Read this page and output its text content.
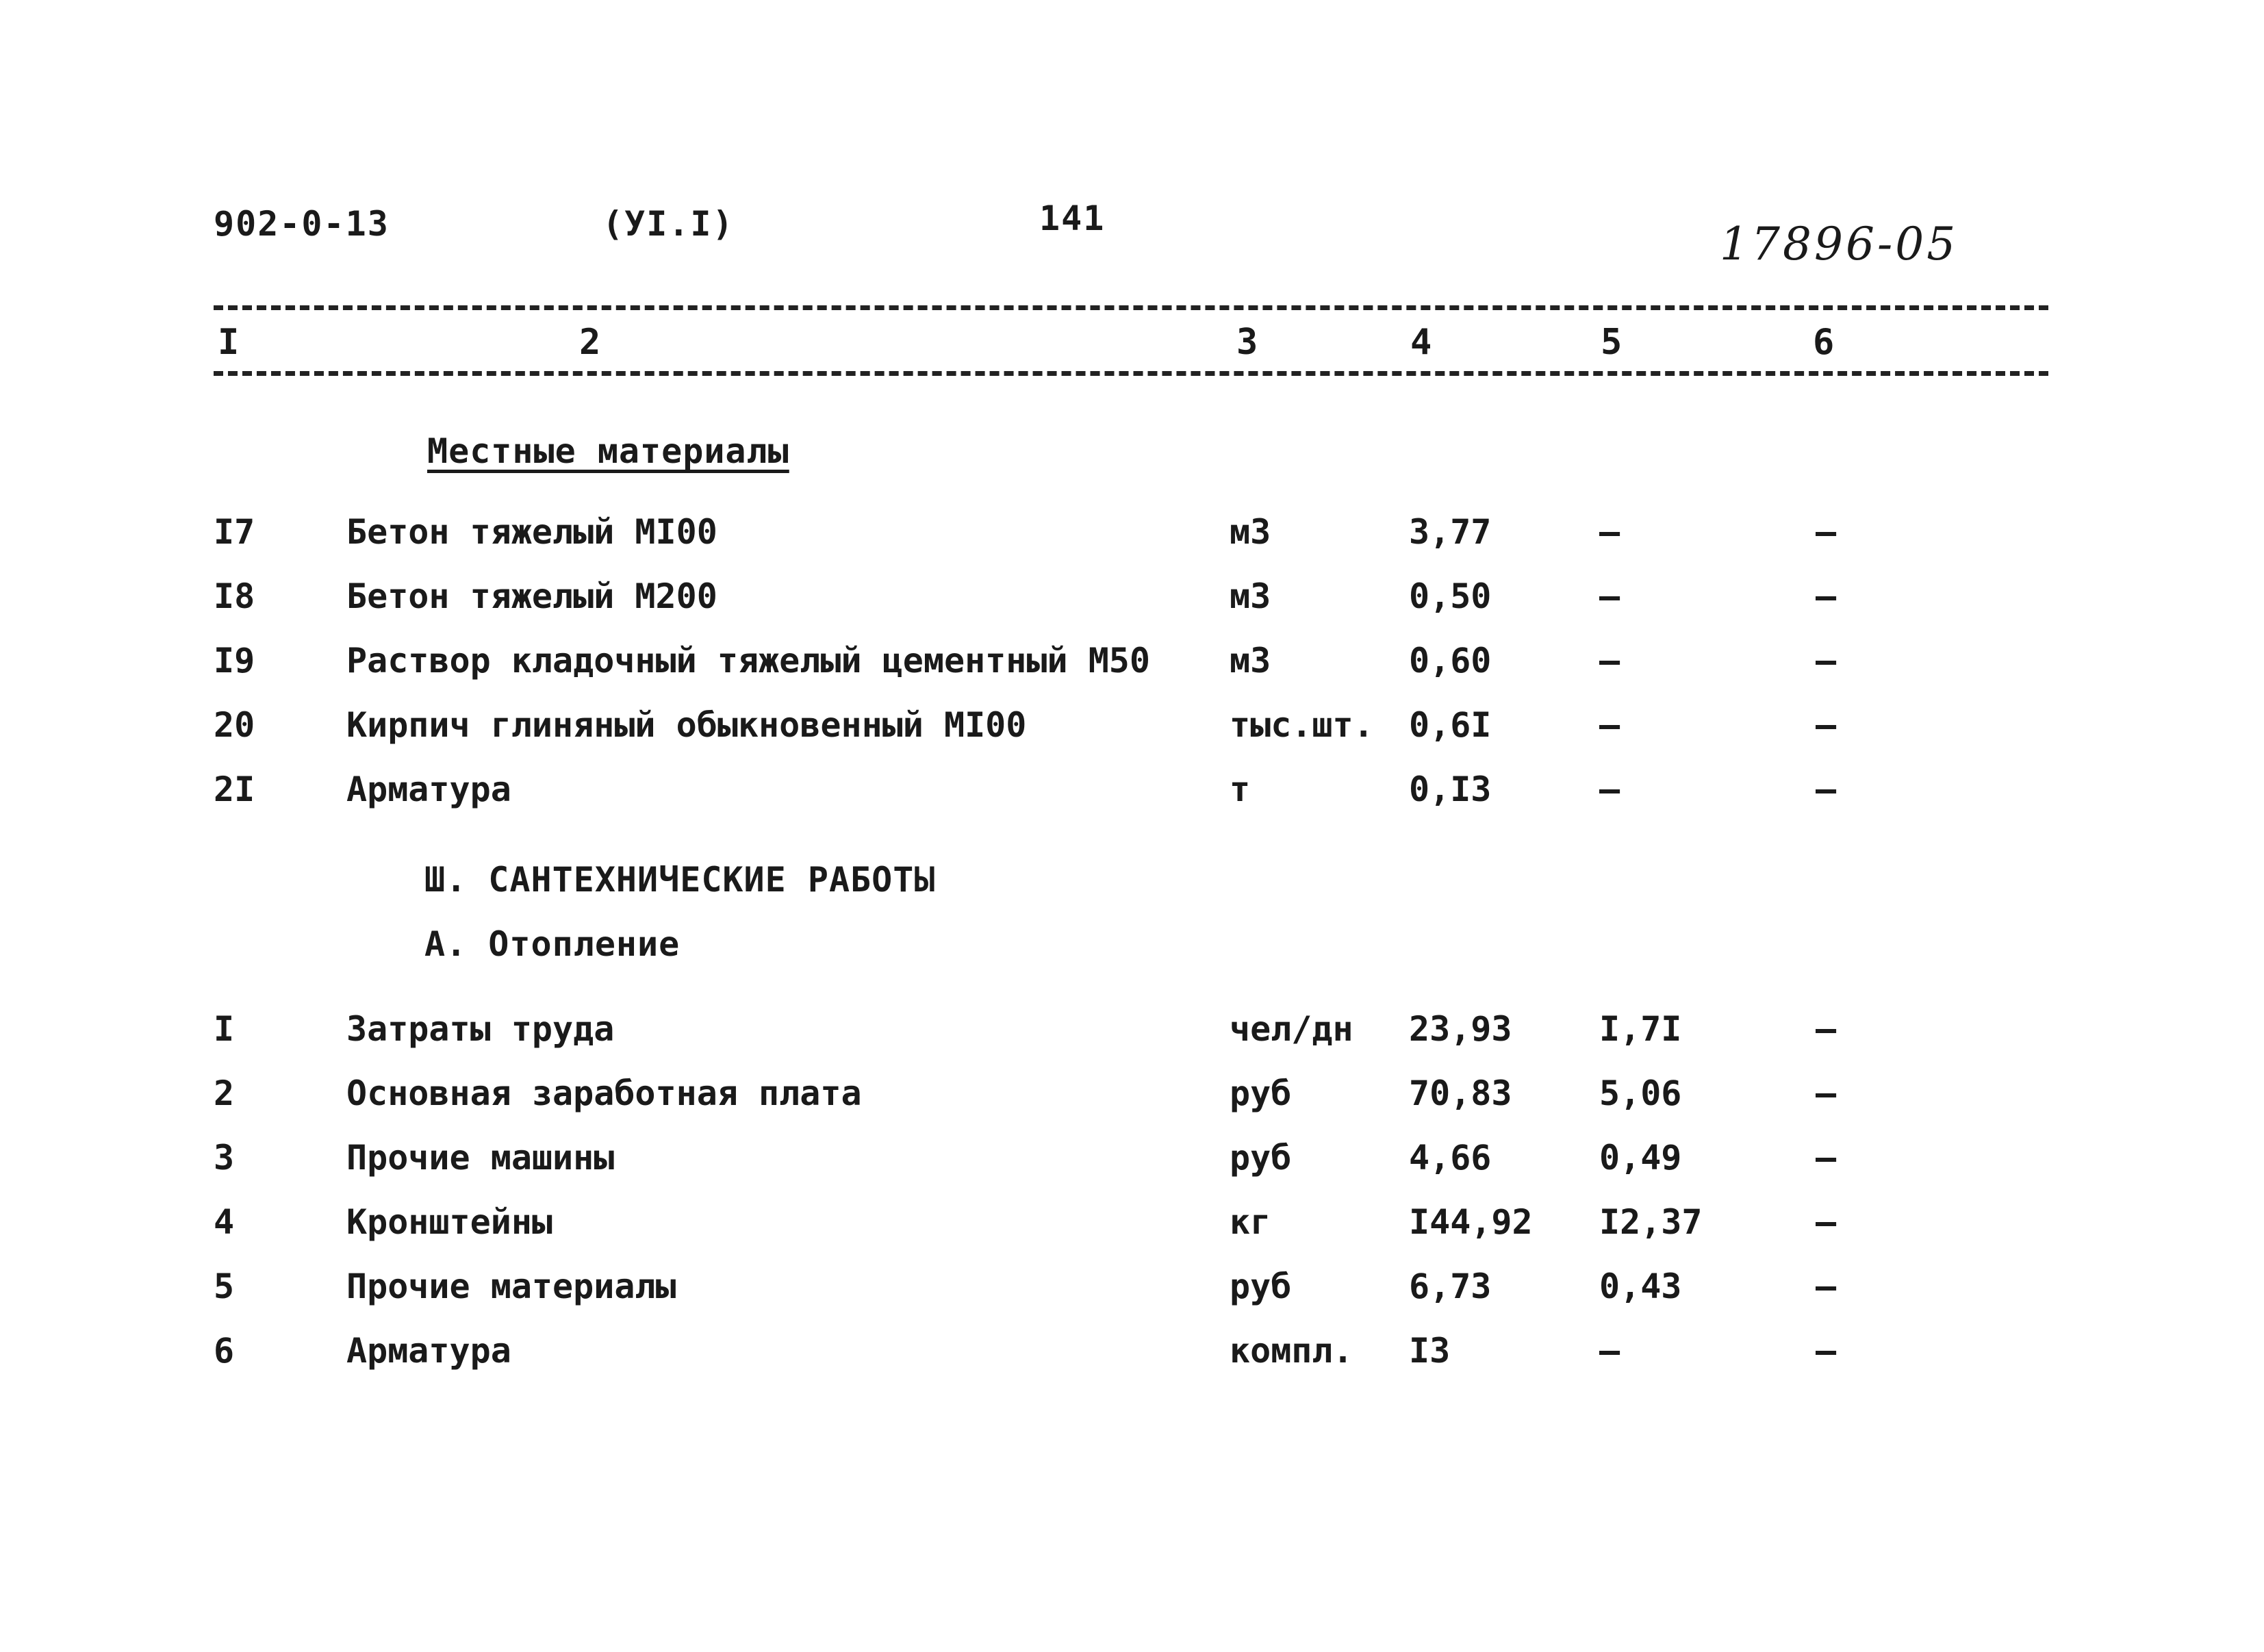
902-0-13	(УI.I)	141	17896-05
I	2	3	4	5	6
Местные материалы
I7	Бетон тяжелый МI00	м3	3,77	–	–
I8	Бетон тяжелый М200	м3	0,50	–	–
I9	Раствор кладочный тяжелый цементный М50 м3	0,60	–	–
20	Кирпич глиняный обыкновенный МI00	тыс.шт. 0,6I	–	–
2I	Арматура	т	0,I3	–	–
Ш. САНТЕХНИЧЕСКИЕ РАБОТЫ
А. Отопление
I	Затраты труда	чел/дн 23,93	I,7I	–
2	Основная заработная плата	руб	70,83	5,06	–
3	Прочие машины	руб	4,66	0,49	–
4	Кронштейны	кг	I44,92 I2,37	–
5	Прочие материалы	руб	6,73	0,43	–
6	Арматура	компл. I3	–	–
